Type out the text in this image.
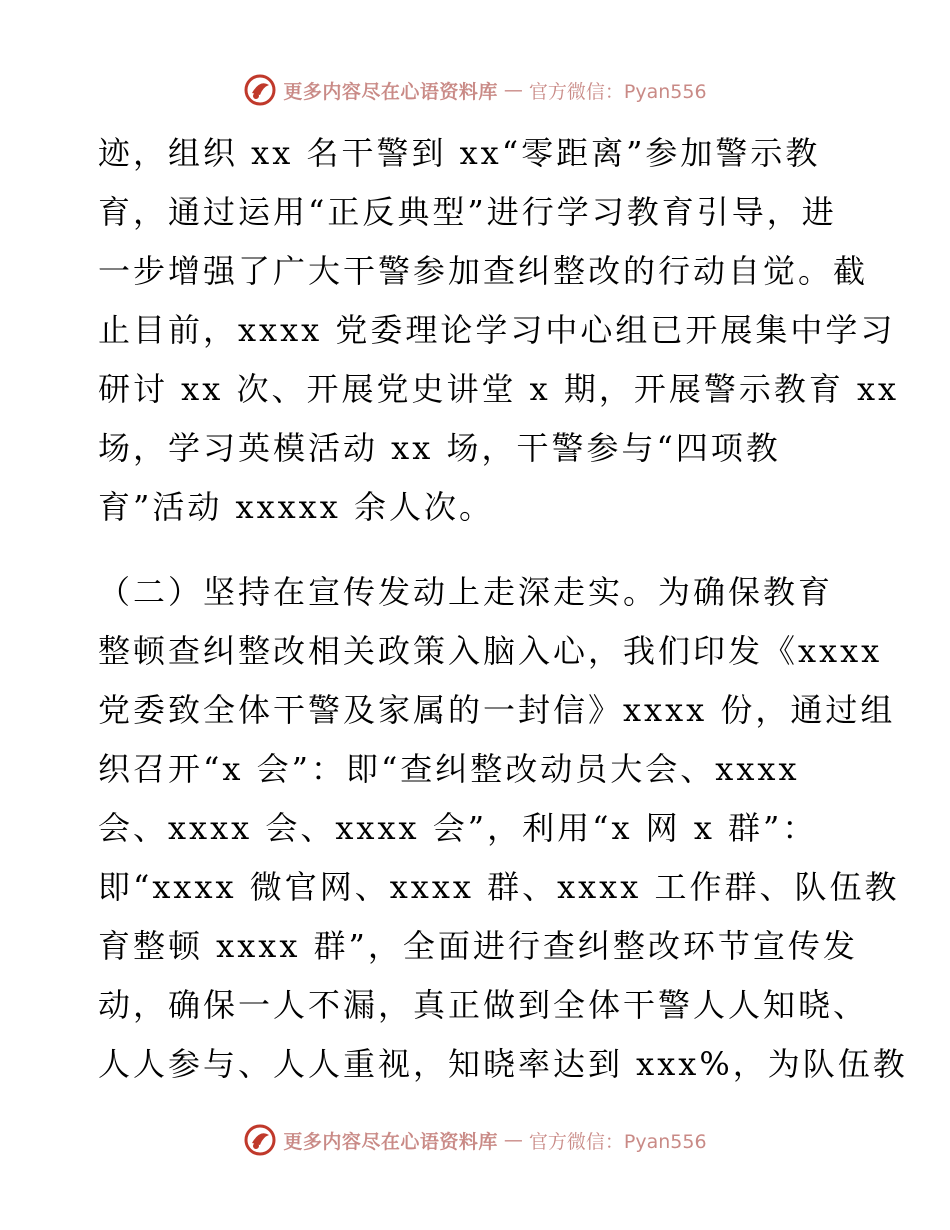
更多内容尽在心语资料库 — 官方微信：Pyan556
迹，组织 xx 名干警到 xx“零距离”参加警示教
育，通过运用“正反典型”进行学习教育引导，进
一步增强了广大干警参加查纠整改的行动自觉。截
止目前，xxxx 党委理论学习中心组已开展集中学习
研讨 xx 次、开展党史讲堂 x 期，开展警示教育 xx
场，学习英模活动 xx 场，干警参与“四项教
育”活动 xxxxx 余人次。
（二）坚持在宣传发动上走深走实。为确保教育
整顿查纠整改相关政策入脑入心，我们印发《xxxx
党委致全体干警及家属的一封信》xxxx 份，通过组
织召开“x 会”：即“查纠整改动员大会、xxxx
会、xxxx 会、xxxx 会”，利用“x 网 x 群”：
即“xxxx 微官网、xxxx 群、xxxx 工作群、队伍教
育整顿 xxxx 群”，全面进行查纠整改环节宣传发
动，确保一人不漏，真正做到全体干警人人知晓、
人人参与、人人重视，知晓率达到 xxx%，为队伍教
更多内容尽在心语资料库 — 官方微信：Pyan556
